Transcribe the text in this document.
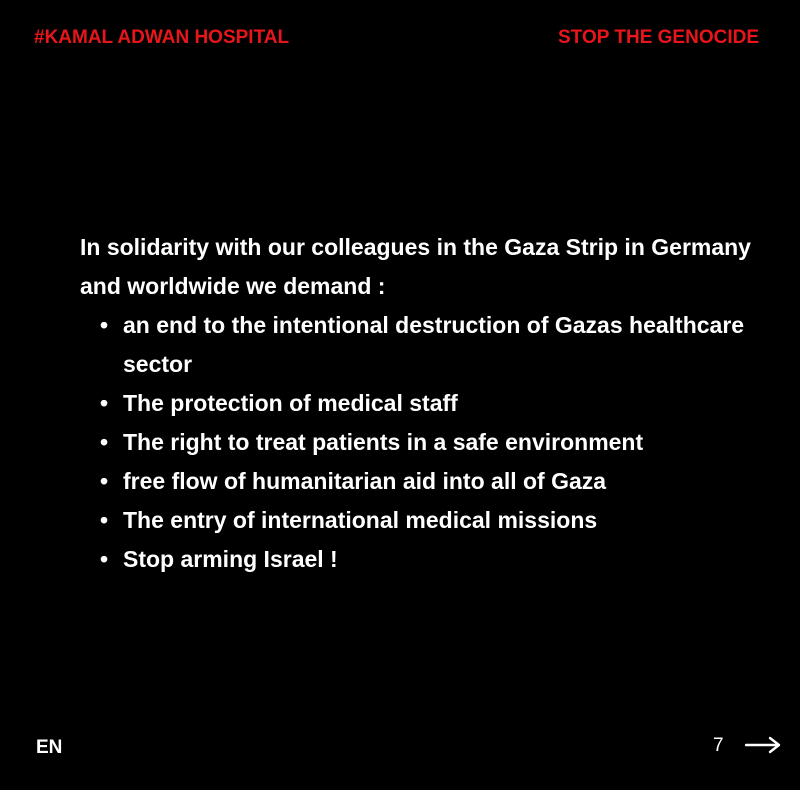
#KAMAL ADWAN HOSPITAL	STOP THE GENOCIDE

In solidarity with our colleagues in the Gaza Strip in Germany and worldwide we demand :

• an end to the intentional destruction of Gazas healthcare sector
• The protection of medical staff
• The right to treat patients in a safe environment
• free flow of humanitarian aid into all of Gaza
• The entry of international medical missions
• Stop arming Israel !
EN	7
